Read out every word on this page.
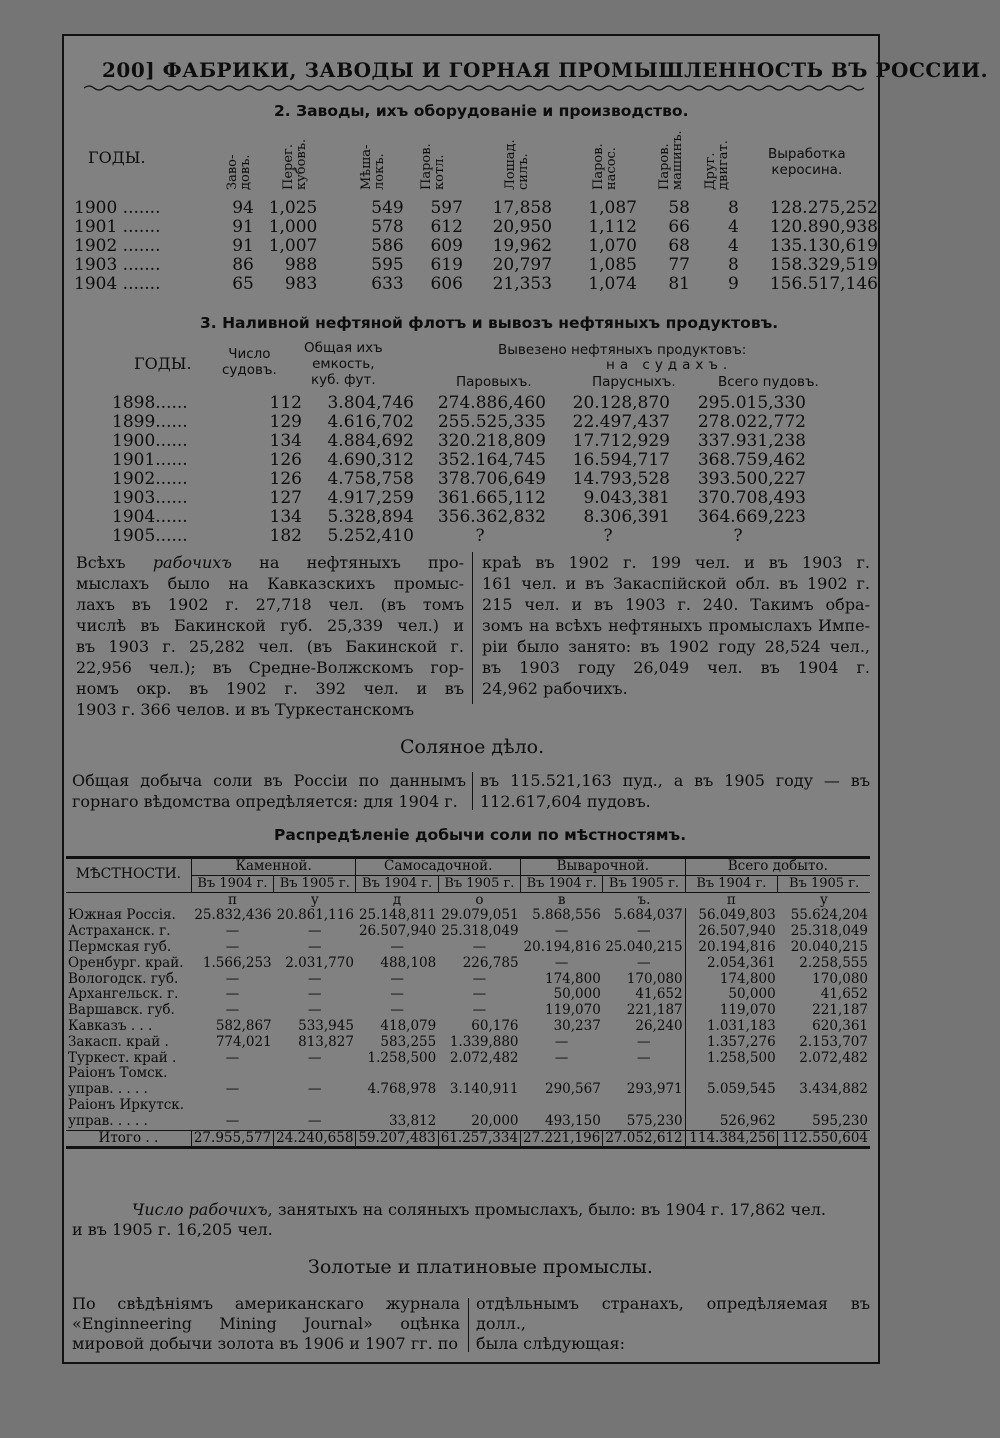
200] ФАБРИКИ, ЗАВОДЫ И ГОРНАЯ ПРОМЫШЛЕННОСТЬ ВЪ РОССИИ.
2. Заводы, ихъ оборудованіе и производство.
ГОДЫ.	Заво-
довъ. Перег.
кубовъ.	Мѣша-
локъ. Паров.
котл.	Лошад.
силъ.	Паров.
насос.	Паров.
машинъ. Друг.
двигат.	Выработка
керосина.
1900 .......	94	1,025	549	597	17,858	1,087	58	8	128.275,252
1901 .......	91	1,000	578	612	20,950	1,112	66	4	120.890,938
1902 .......	91	1,007	586	609	19,962	1,070	68	4	135.130,619
1903 .......	86	988	595	619	20,797	1,085	77	8	158.329,519
1904 .......	65	983	633	606	21,353	1,074	81	9	156.517,146
3. Наливной нефтяной флотъ и вывозъ нефтяныхъ продуктовъ.
ГОДЫ.	Число
судовъ.
Общая ихъ
емкость,
куб. фут.
Вывезено нефтяныхъ продуктовъ:
на судахъ.
Паровыхъ.	Парусныхъ.	Всего пудовъ.
1898......	112	3.804,746	274.886,460	20.128,870	295.015,330
1899......	129	4.616,702	255.525,335	22.497,437	278.022,772
1900......	134	4.884,692	320.218,809	17.712,929	337.931,238
1901......	126	4.690,312	352.164,745	16.594,717	368.759,462
1902......	126	4.758,758	378.706,649	14.793,528	393.500,227
1903......	127	4.917,259	361.665,112	9.043,381	370.708,493
1904......	134	5.328,894	356.362,832	8.306,391	364.669,223
1905......	182	5.252,410	?	?	?
Всѣхъ рабочихъ на нефтяныхъ про-
мыслахъ было на Кавказскихъ промыс-
лахъ въ 1902 г. 27,718 чел. (въ томъ
числѣ въ Бакинской губ. 25,339 чел.) и
въ 1903 г. 25,282 чел. (въ Бакинской г.
22,956 чел.); въ Средне-Волжскомъ гор-
номъ окр. въ 1902 г. 392 чел. и въ
1903 г. 366 челов. и въ Туркестанскомъ
краѣ въ 1902 г. 199 чел. и въ 1903 г.
161 чел. и въ Закаспійской обл. въ 1902 г.
215 чел. и въ 1903 г. 240. Такимъ обра-
зомъ на всѣхъ нефтяныхъ промыслахъ Импе-
ріи было занято: въ 1902 году 28,524 чел.,
въ 1903 году 26,049 чел. въ 1904 г.
24,962 рабочихъ.
Соляное дѣло.
Общая добыча соли въ Россіи по даннымъ
горнаго вѣдомства опредѣляется: для 1904 г.
въ 115.521,163 пуд., а въ 1905 году — въ
112.617,604 пудовъ.
Распредѣленіе добычи соли по мѣстностямъ.
МѢСТНОСТИ.	Каменной.		Самосадочной.		Выварочной.		Всего добыто.	
	Въ 1904 г.	Въ 1905 г.	Въ 1904 г.	Въ 1905 г.	Въ 1904 г.	Въ 1905 г.	Въ 1904 г.	Въ 1905 г.
	п	у	д	о	в	ъ.	п	у
Южная Россія.	25.832,436	20.861,116	25.148,811	29.079,051	5.868,556	5.684,037	56.049,803	55.624,204
Астраханск. г.	—	—	26.507,940	25.318,049	—	—	26.507,940	25.318,049
Пермская губ.	—	—	—	—	20.194,816	25.040,215	20.194,816	20.040,215
Оренбург. край.	1.566,253	2.031,770	488,108	226,785	—	—	2.054,361	2.258,555
Вологодск. губ.	—	—	—	—	174,800	170,080	174,800	170,080
Архангельск. г.	—	—	—	—	50,000	41,652	50,000	41,652
Варшавск. губ.	—	—	—	—	119,070	221,187	119,070	221,187
Кавказъ . . .	582,867	533,945	418,079	60,176	30,237	26,240	1.031,183	620,361
Закасп. край .	774,021	813,827	583,255	1.339,880	—	—	1.357,276	2.153,707
Туркест. край .	—	—	1.258,500	2.072,482	—	—	1.258,500	2.072,482
Раіонъ Томск.								
управ. . . . .	—	—	4.768,978	3.140,911	290,567	293,971	5.059,545	3.434,882
Раіонъ Иркутск.								
управ. . . . .	—	—	33,812	20,000	493,150	575,230	526,962	595,230
Итого . .	27.955,577	24.240,658	59.207,483	61.257,334	27.221,196	27.052,612	114.384,256	112.550,604
Число рабочихъ, занятыхъ на соляныхъ промыслахъ, было: въ 1904 г. 17,862 чел.
и въ 1905 г. 16,205 чел.
Золотые и платиновые промыслы.
По свѣдѣніямъ американскаго журнала
«Enginneering Mining Journal» оцѣнка
мировой добычи золота въ 1906 и 1907 гг. по
отдѣльнымъ странахъ, опредѣляемая въ долл.,
была слѣдующая:
